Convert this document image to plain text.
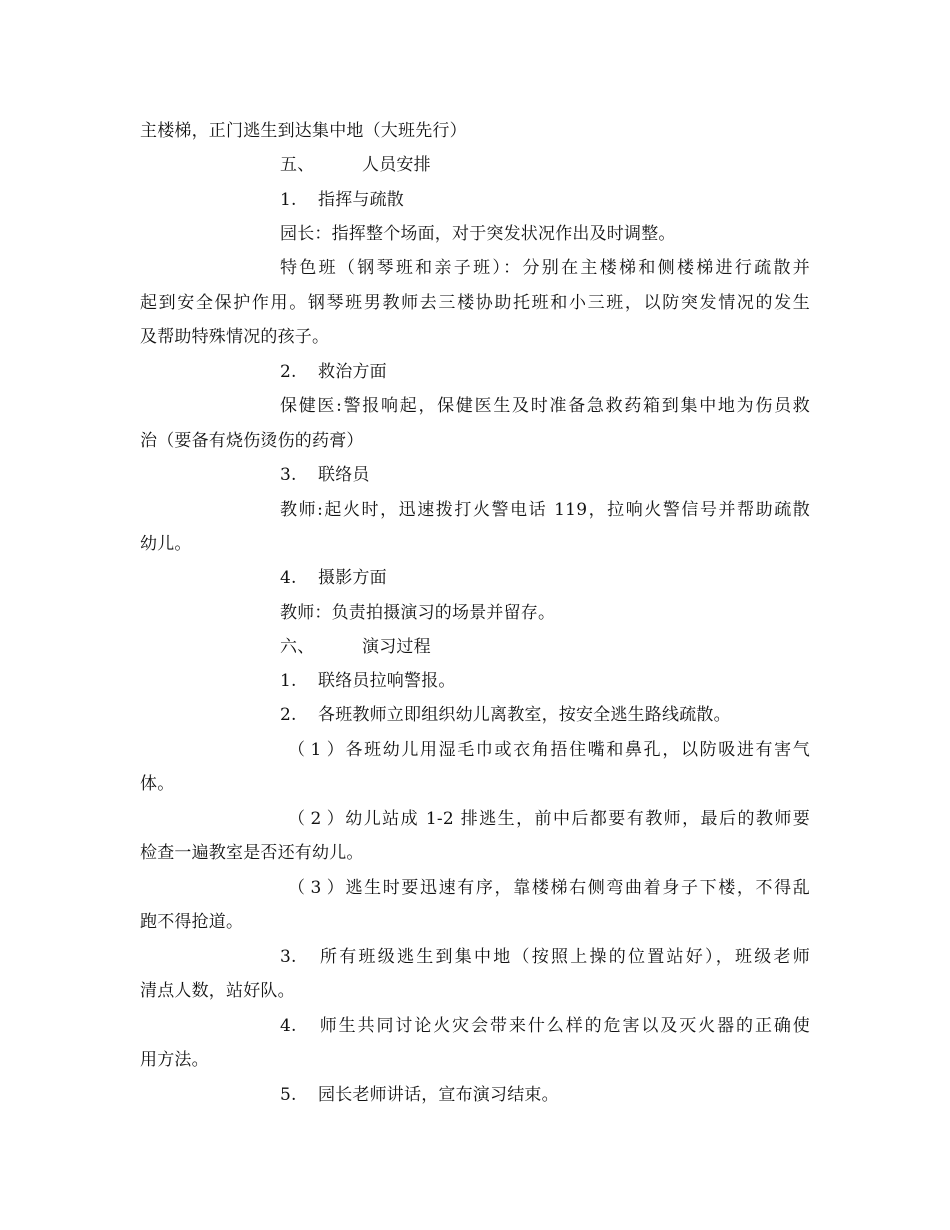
主楼梯，正门逃生到达集中地（大班先行）
五、	人员安排
1. 指挥与疏散
园长：指挥整个场面，对于突发状况作出及时调整。
特色班（钢琴班和亲子班）：分别在主楼梯和侧楼梯进行疏散并
起到安全保护作用。钢琴班男教师去三楼协助托班和小三班，以防突发情况的发生
及帮助特殊情况的孩子。
2. 救治方面
保健医:警报响起，保健医生及时准备急救药箱到集中地为伤员救
治（要备有烧伤烫伤的药膏）
3. 联络员
教师:起火时，迅速拨打火警电话 119，拉响火警信号并帮助疏散
幼儿。
4. 摄影方面
教师：负责拍摄演习的场景并留存。
六、	演习过程
1. 联络员拉响警报。
2. 各班教师立即组织幼儿离教室，按安全逃生路线疏散。
（1）各班幼儿用湿毛巾或衣角捂住嘴和鼻孔，以防吸进有害气
体。
（2）幼儿站成 1-2 排逃生，前中后都要有教师，最后的教师要
检查一遍教室是否还有幼儿。
（3）逃生时要迅速有序，靠楼梯右侧弯曲着身子下楼，不得乱
跑不得抢道。
3. 所有班级逃生到集中地（按照上操的位置站好），班级老师
清点人数，站好队。
4. 师生共同讨论火灾会带来什么样的危害以及灭火器的正确使
用方法。
5. 园长老师讲话，宣布演习结束。
